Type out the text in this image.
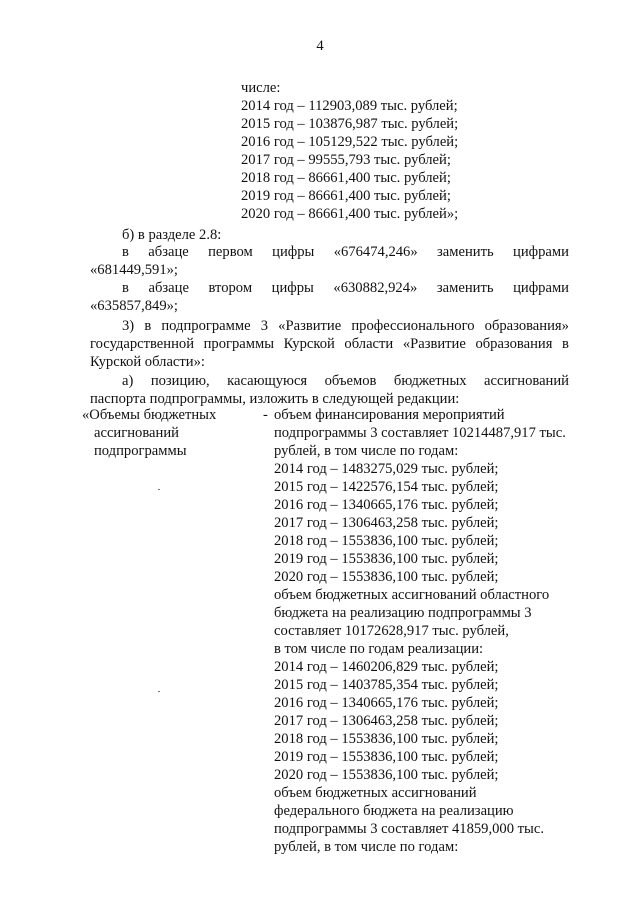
4
числе:
2014 год – 112903,089 тыс. рублей;
2015 год – 103876,987 тыс. рублей;
2016 год – 105129,522 тыс. рублей;
2017 год – 99555,793 тыс. рублей;
2018 год – 86661,400 тыс. рублей;
2019 год – 86661,400 тыс. рублей;
2020 год – 86661,400 тыс. рублей»;
б) в разделе 2.8:
в абзаце первом цифры «676474,246» заменить цифрами
«681449,591»;
в абзаце втором цифры «630882,924» заменить цифрами
«635857,849»;
3) в подпрограмме 3 «Развитие профессионального образования»
государственной программы Курской области «Развитие образования в
Курской области»:
а) позицию, касающуюся объемов бюджетных ассигнований
паспорта подпрограммы, изложить в следующей редакции:
«Объемы бюджетных
ассигнований
подпрограммы
- объем финансирования мероприятий
подпрограммы 3 составляет 10214487,917 тыс.
рублей, в том числе по годам:
2014 год – 1483275,029 тыс. рублей;
2015 год – 1422576,154 тыс. рублей;
2016 год – 1340665,176 тыс. рублей;
2017 год – 1306463,258 тыс. рублей;
2018 год – 1553836,100 тыс. рублей;
2019 год – 1553836,100 тыс. рублей;
2020 год – 1553836,100 тыс. рублей;
объем бюджетных ассигнований областного
бюджета на реализацию подпрограммы 3
составляет 10172628,917 тыс. рублей,
в том числе по годам реализации:
2014 год – 1460206,829 тыс. рублей;
2015 год – 1403785,354 тыс. рублей;
2016 год – 1340665,176 тыс. рублей;
2017 год – 1306463,258 тыс. рублей;
2018 год – 1553836,100 тыс. рублей;
2019 год – 1553836,100 тыс. рублей;
2020 год – 1553836,100 тыс. рублей;
объем бюджетных ассигнований
федерального бюджета на реализацию
подпрограммы 3 составляет 41859,000 тыс.
рублей, в том числе по годам:
